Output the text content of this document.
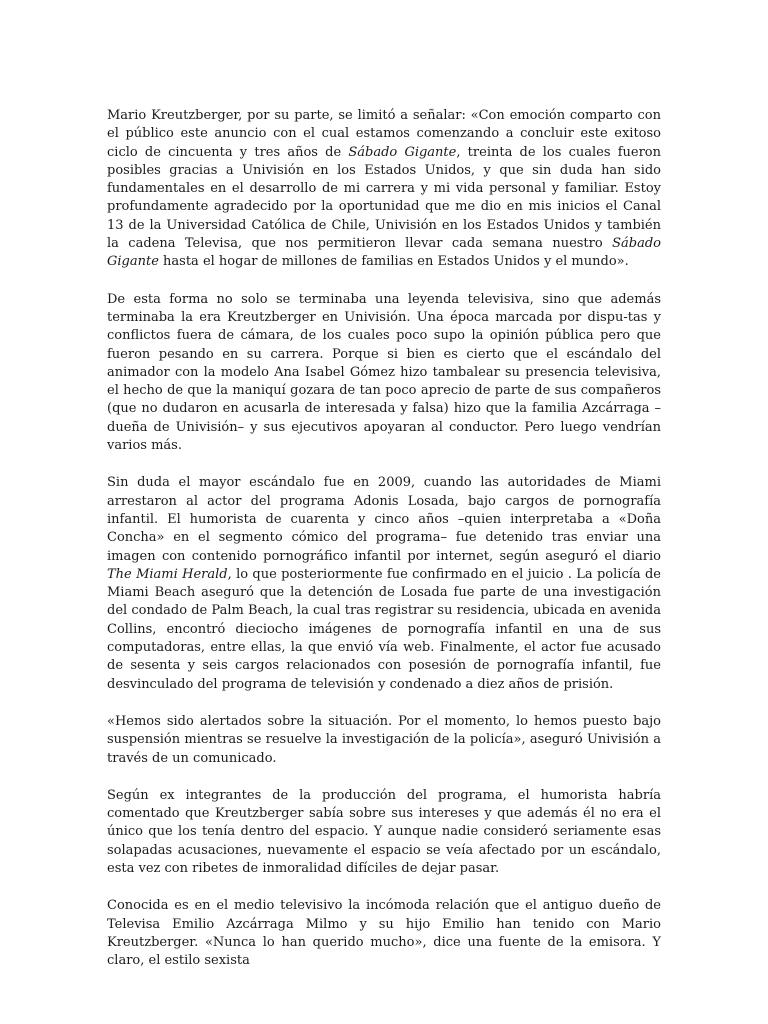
Mario Kreutzberger, por su parte, se limitó a señalar: «Con emoción comparto con el público este anuncio con el cual estamos comenzando a concluir este exitoso ciclo de cincuenta y tres años de Sábado Gigante, treinta de los cuales fueron posibles gracias a Univisión en los Estados Unidos, y que sin duda han sido fundamentales en el desarrollo de mi carrera y mi vida personal y familiar. Estoy profundamente agradecido por la oportunidad que me dio en mis inicios el Canal 13 de la Universidad Católica de Chile, Univisión en los Estados Unidos y también la cadena Televisa, que nos permitieron llevar cada semana nuestro Sábado Gigante hasta el hogar de millones de familias en Estados Unidos y el mundo».

De esta forma no solo se terminaba una leyenda televisiva, sino que además terminaba la era Kreutzberger en Univisión. Una época marcada por dispu-tas y conflictos fuera de cámara, de los cuales poco supo la opinión pública pero que fueron pesando en su carrera. Porque si bien es cierto que el escándalo del animador con la modelo Ana Isabel Gómez hizo tambalear su presencia televisiva, el hecho de que la maniquí gozara de tan poco aprecio de parte de sus compañeros (que no dudaron en acusarla de interesada y falsa) hizo que la familia Azcárraga –dueña de Univisión– y sus ejecutivos apoyaran al conductor. Pero luego vendrían varios más.

Sin duda el mayor escándalo fue en 2009, cuando las autoridades de Miami arrestaron al actor del programa Adonis Losada, bajo cargos de pornografía infantil. El humorista de cuarenta y cinco años –quien interpretaba a «Doña Concha» en el segmento cómico del programa– fue detenido tras enviar una imagen con contenido pornográfico infantil por internet, según aseguró el diario The Miami Herald, lo que posteriormente fue confirmado en el juicio . La policía de Miami Beach aseguró que la detención de Losada fue parte de una investigación del condado de Palm Beach, la cual tras registrar su residencia, ubicada en avenida Collins, encontró dieciocho imágenes de pornografía infantil en una de sus computadoras, entre ellas, la que envió vía web. Finalmente, el actor fue acusado de sesenta y seis cargos relacionados con posesión de pornografía infantil, fue desvinculado del programa de televisión y condenado a diez años de prisión.

«Hemos sido alertados sobre la situación. Por el momento, lo hemos puesto bajo suspensión mientras se resuelve la investigación de la policía», aseguró Univisión a través de un comunicado.

Según ex integrantes de la producción del programa, el humorista habría comentado que Kreutzberger sabía sobre sus intereses y que además él no era el único que los tenía dentro del espacio. Y aunque nadie consideró seriamente esas solapadas acusaciones, nuevamente el espacio se veía afectado por un escándalo, esta vez con ribetes de inmoralidad difíciles de dejar pasar.

Conocida es en el medio televisivo la incómoda relación que el antiguo dueño de Televisa Emilio Azcárraga Milmo y su hijo Emilio han tenido con Mario Kreutzberger. «Nunca lo han querido mucho», dice una fuente de la emisora. Y claro, el estilo sexista
